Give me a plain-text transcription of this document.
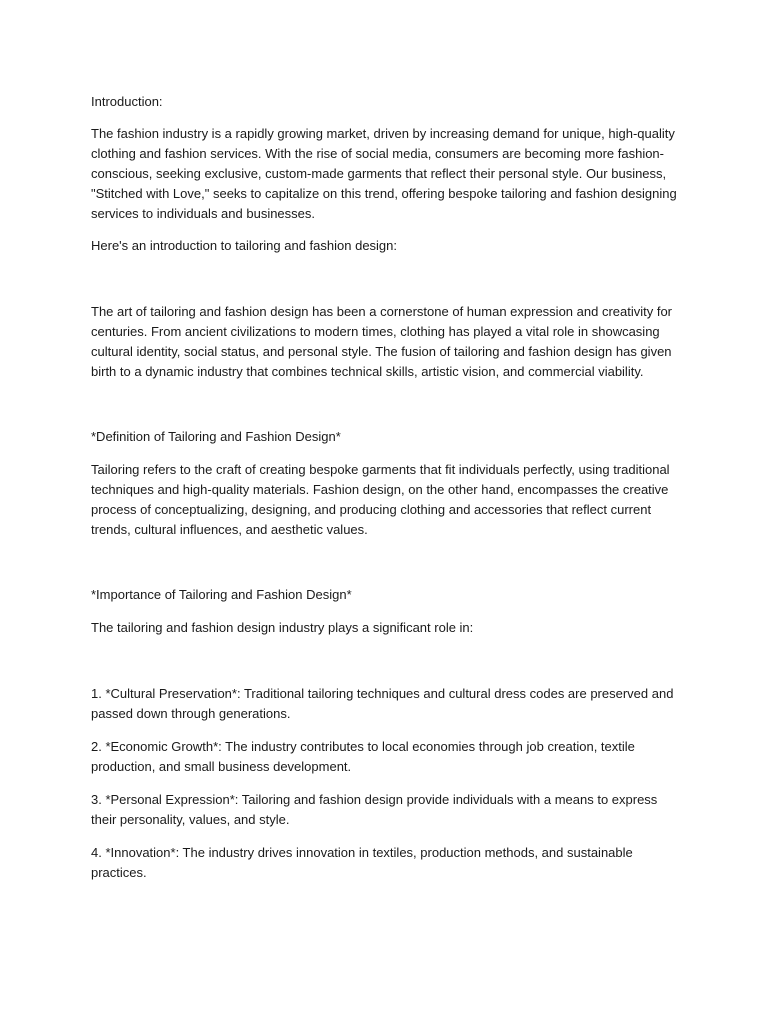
Introduction:

The fashion industry is a rapidly growing market, driven by increasing demand for unique, high-quality clothing and fashion services. With the rise of social media, consumers are becoming more fashion-conscious, seeking exclusive, custom-made garments that reflect their personal style. Our business, "Stitched with Love," seeks to capitalize on this trend, offering bespoke tailoring and fashion designing services to individuals and businesses.

Here's an introduction to tailoring and fashion design:

The art of tailoring and fashion design has been a cornerstone of human expression and creativity for centuries. From ancient civilizations to modern times, clothing has played a vital role in showcasing cultural identity, social status, and personal style. The fusion of tailoring and fashion design has given birth to a dynamic industry that combines technical skills, artistic vision, and commercial viability.

*Definition of Tailoring and Fashion Design*

Tailoring refers to the craft of creating bespoke garments that fit individuals perfectly, using traditional techniques and high-quality materials. Fashion design, on the other hand, encompasses the creative process of conceptualizing, designing, and producing clothing and accessories that reflect current trends, cultural influences, and aesthetic values.

*Importance of Tailoring and Fashion Design*

The tailoring and fashion design industry plays a significant role in:

1. *Cultural Preservation*: Traditional tailoring techniques and cultural dress codes are preserved and passed down through generations.

2. *Economic Growth*: The industry contributes to local economies through job creation, textile production, and small business development.

3. *Personal Expression*: Tailoring and fashion design provide individuals with a means to express their personality, values, and style.

4. *Innovation*: The industry drives innovation in textiles, production methods, and sustainable practices.
